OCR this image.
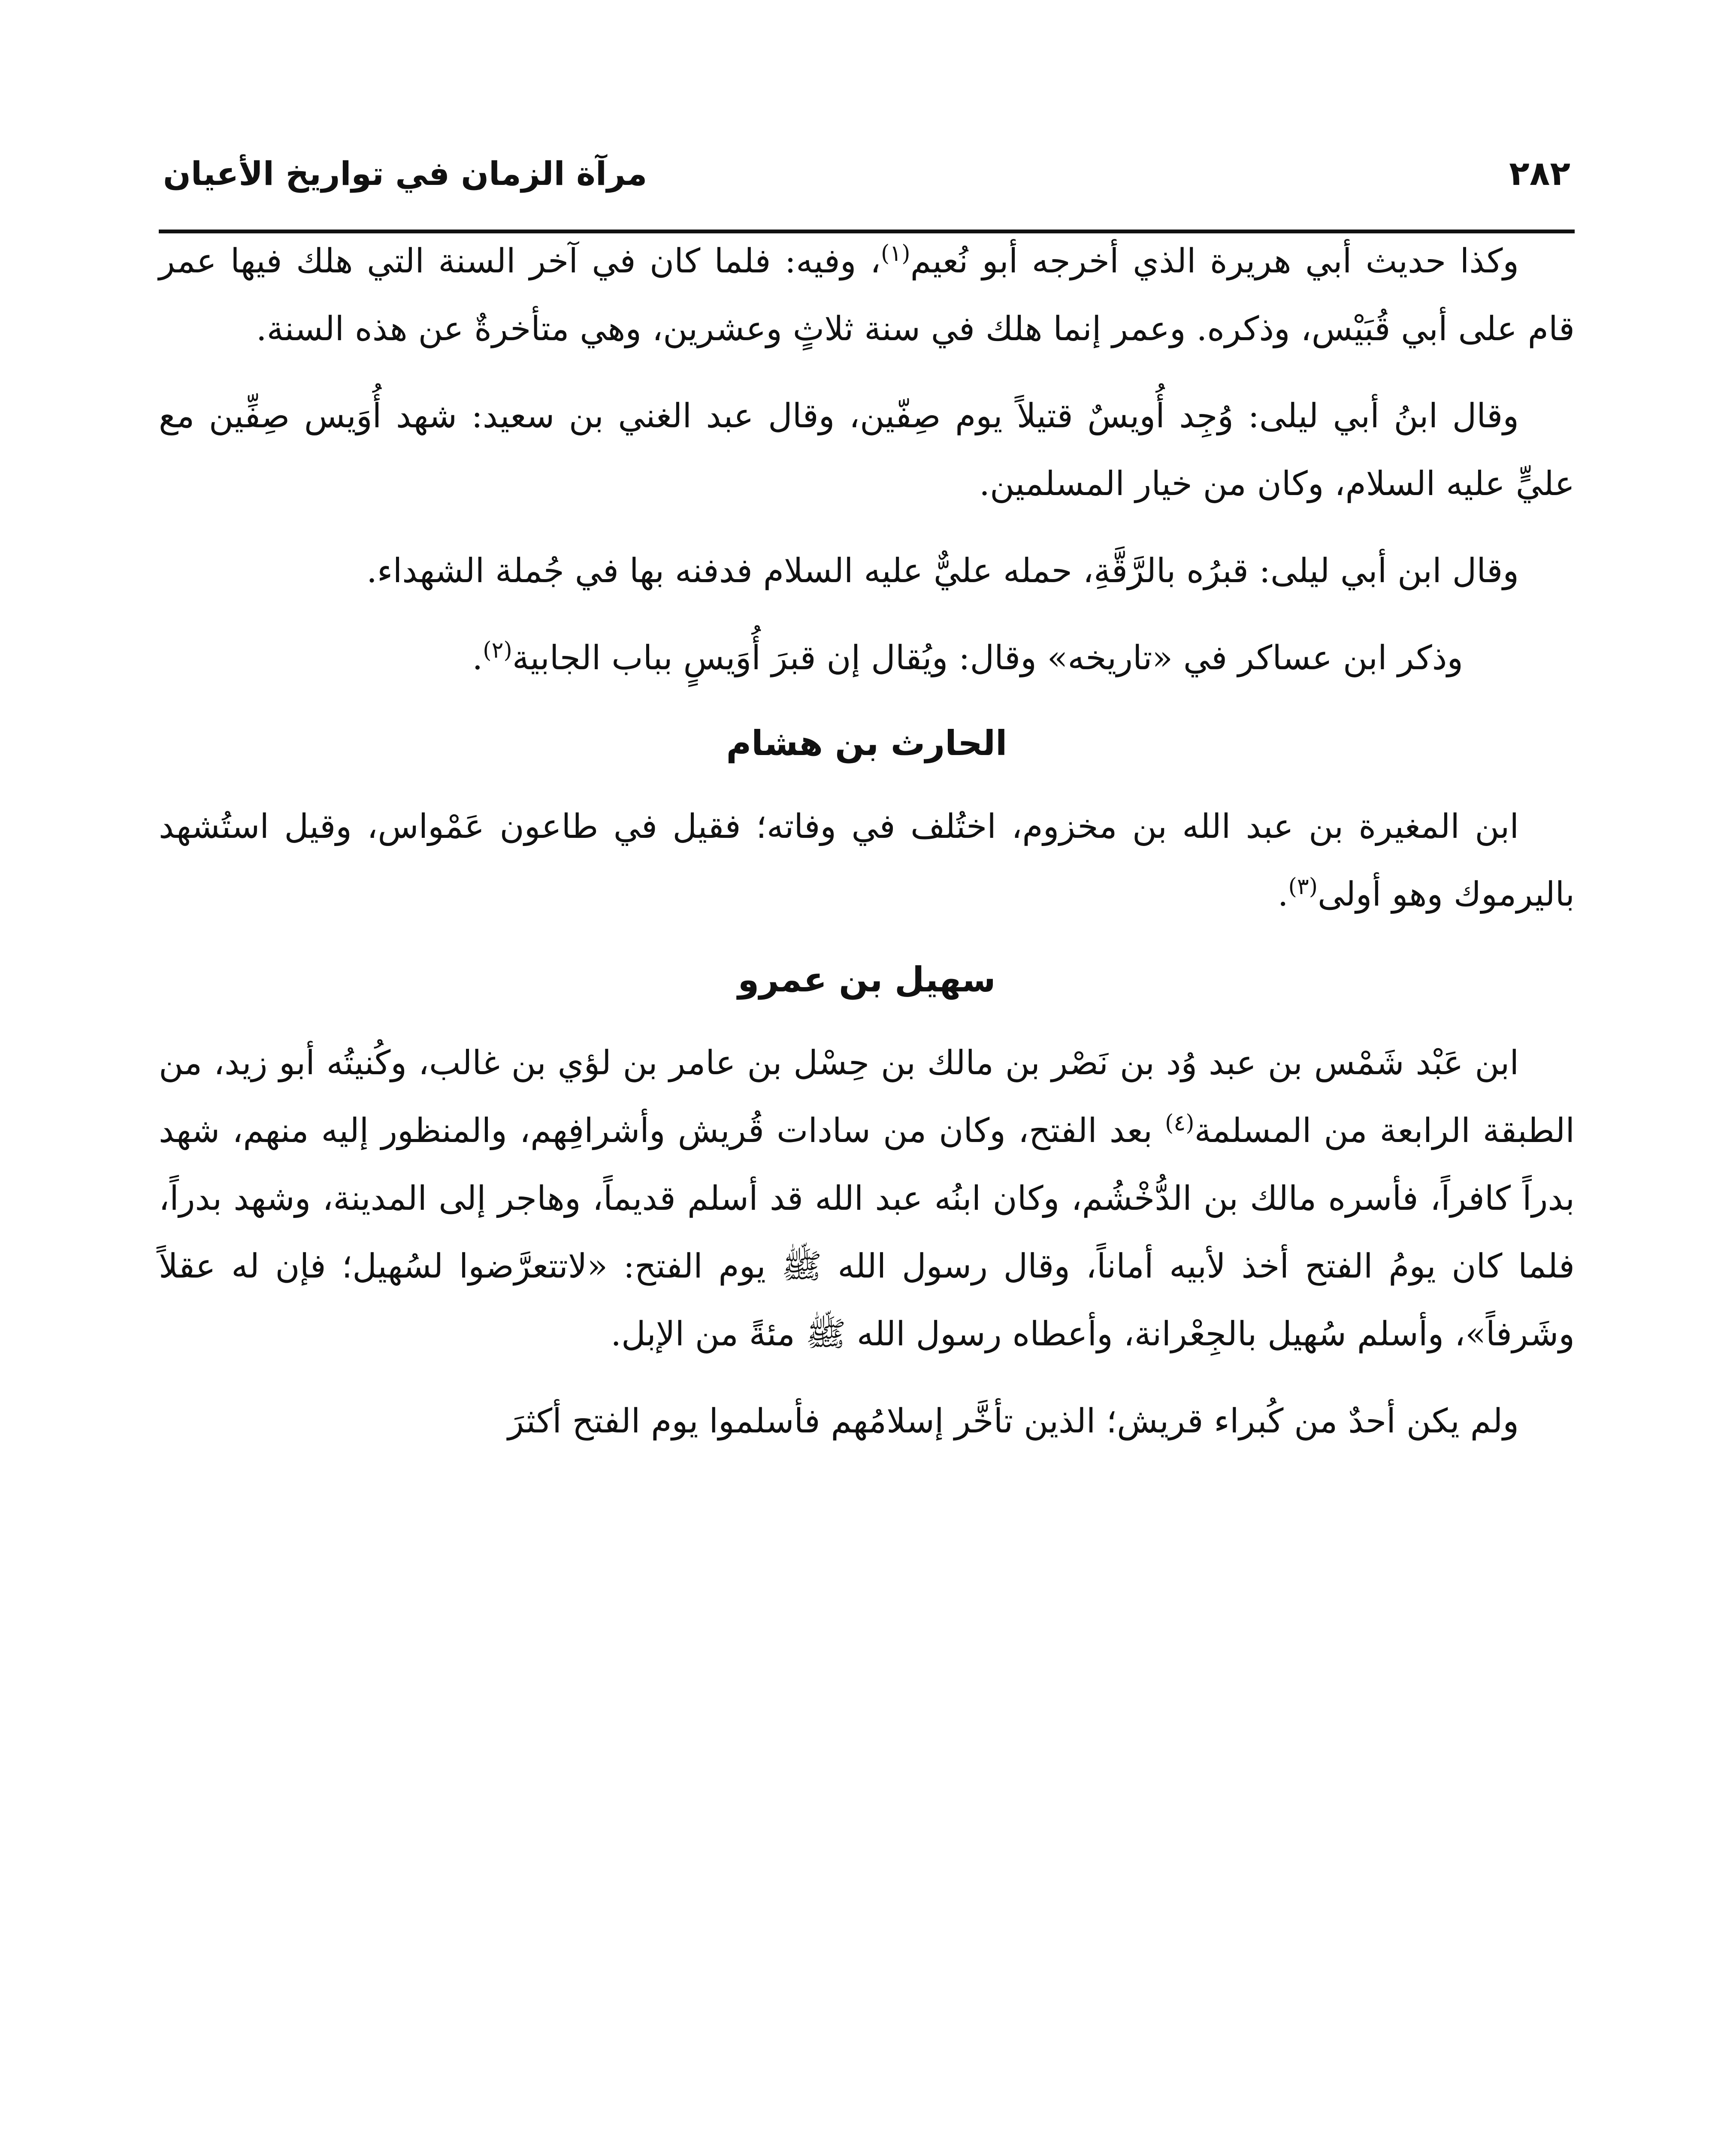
٢٨٢
مرآة الزمان في تواريخ الأعيان

وكذا حديث أبي هريرة الذي أخرجه أبو نُعيم$^{(١)}$، وفيه: فلما كان في آخر السنة التي هلك فيها عمر قام على أبي قُبَيْس، وذكره. وعمر إنما هلك في سنة ثلاثٍ وعشرين، وهي متأخرةٌ عن هذه السنة.

وقال ابنُ أبي ليلى: وُجِد أُويسٌ قتيلاً يوم صِفّين، وقال عبد الغني بن سعيد: شهد أُوَيس صِفِّين مع عليٍّ عليه السلام، وكان من خيار المسلمين.

وقال ابن أبي ليلى: قبرُه بالرَّقَّةِ، حمله عليٌّ عليه السلام فدفنه بها في جُملة الشهداء.

وذكر ابن عساكر في «تاريخه» وقال: ويُقال إن قبرَ أُوَيسٍ بباب الجابية$^{(٢)}$.

الحارث بن هشام

ابن المغيرة بن عبد الله بن مخزوم، اختُلف في وفاته؛ فقيل في طاعون عَمْواس، وقيل استُشهد باليرموك وهو أولى$^{(٣)}$.

سهيل بن عمرو

ابن عَبْد شَمْس بن عبد وُد بن نَصْر بن مالك بن حِسْل بن عامر بن لؤي بن غالب، وكُنيتُه أبو زيد، من الطبقة الرابعة من المسلمة$^{(٤)}$ بعد الفتح، وكان من سادات قُريش وأشرافِهم، والمنظور إليه منهم، شهد بدراً كافراً، فأسره مالك بن الدُّخْشُم، وكان ابنُه عبد الله قد أسلم قديماً، وهاجر إلى المدينة، وشهد بدراً، فلما كان يومُ الفتح أخذ لأبيه أماناً، وقال رسول الله ﷺ يوم الفتح: «لاتتعرَّضوا لسُهيل؛ فإن له عقلاً وشَرفاً»، وأسلم سُهيل بالجِعْرانة، وأعطاه رسول الله ﷺ مئةً من الإبل.

ولم يكن أحدٌ من كُبراء قريش؛ الذين تأخَّر إسلامُهم فأسلموا يوم الفتح أكثرَ
